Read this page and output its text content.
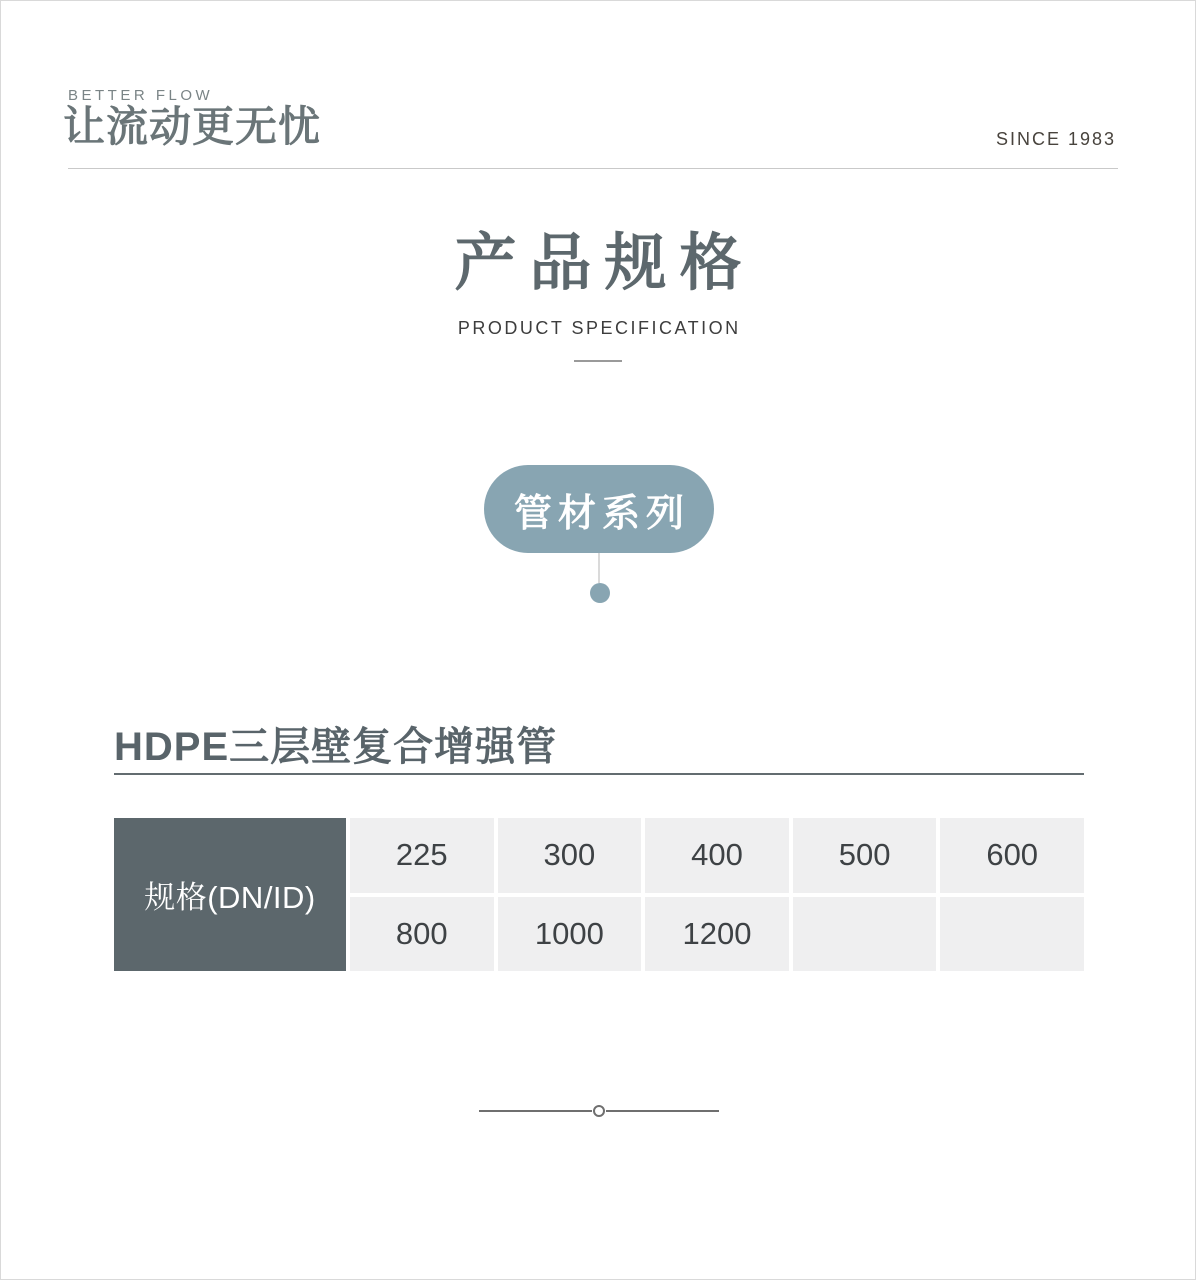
BETTER FLOW
让流动更无忧	SINCE 1983
产品规格
PRODUCT SPECIFICATION
管材系列
HDPE三层壁复合增强管
规格(DN/ID)
225	300	400	500	600
800	1000	1200
